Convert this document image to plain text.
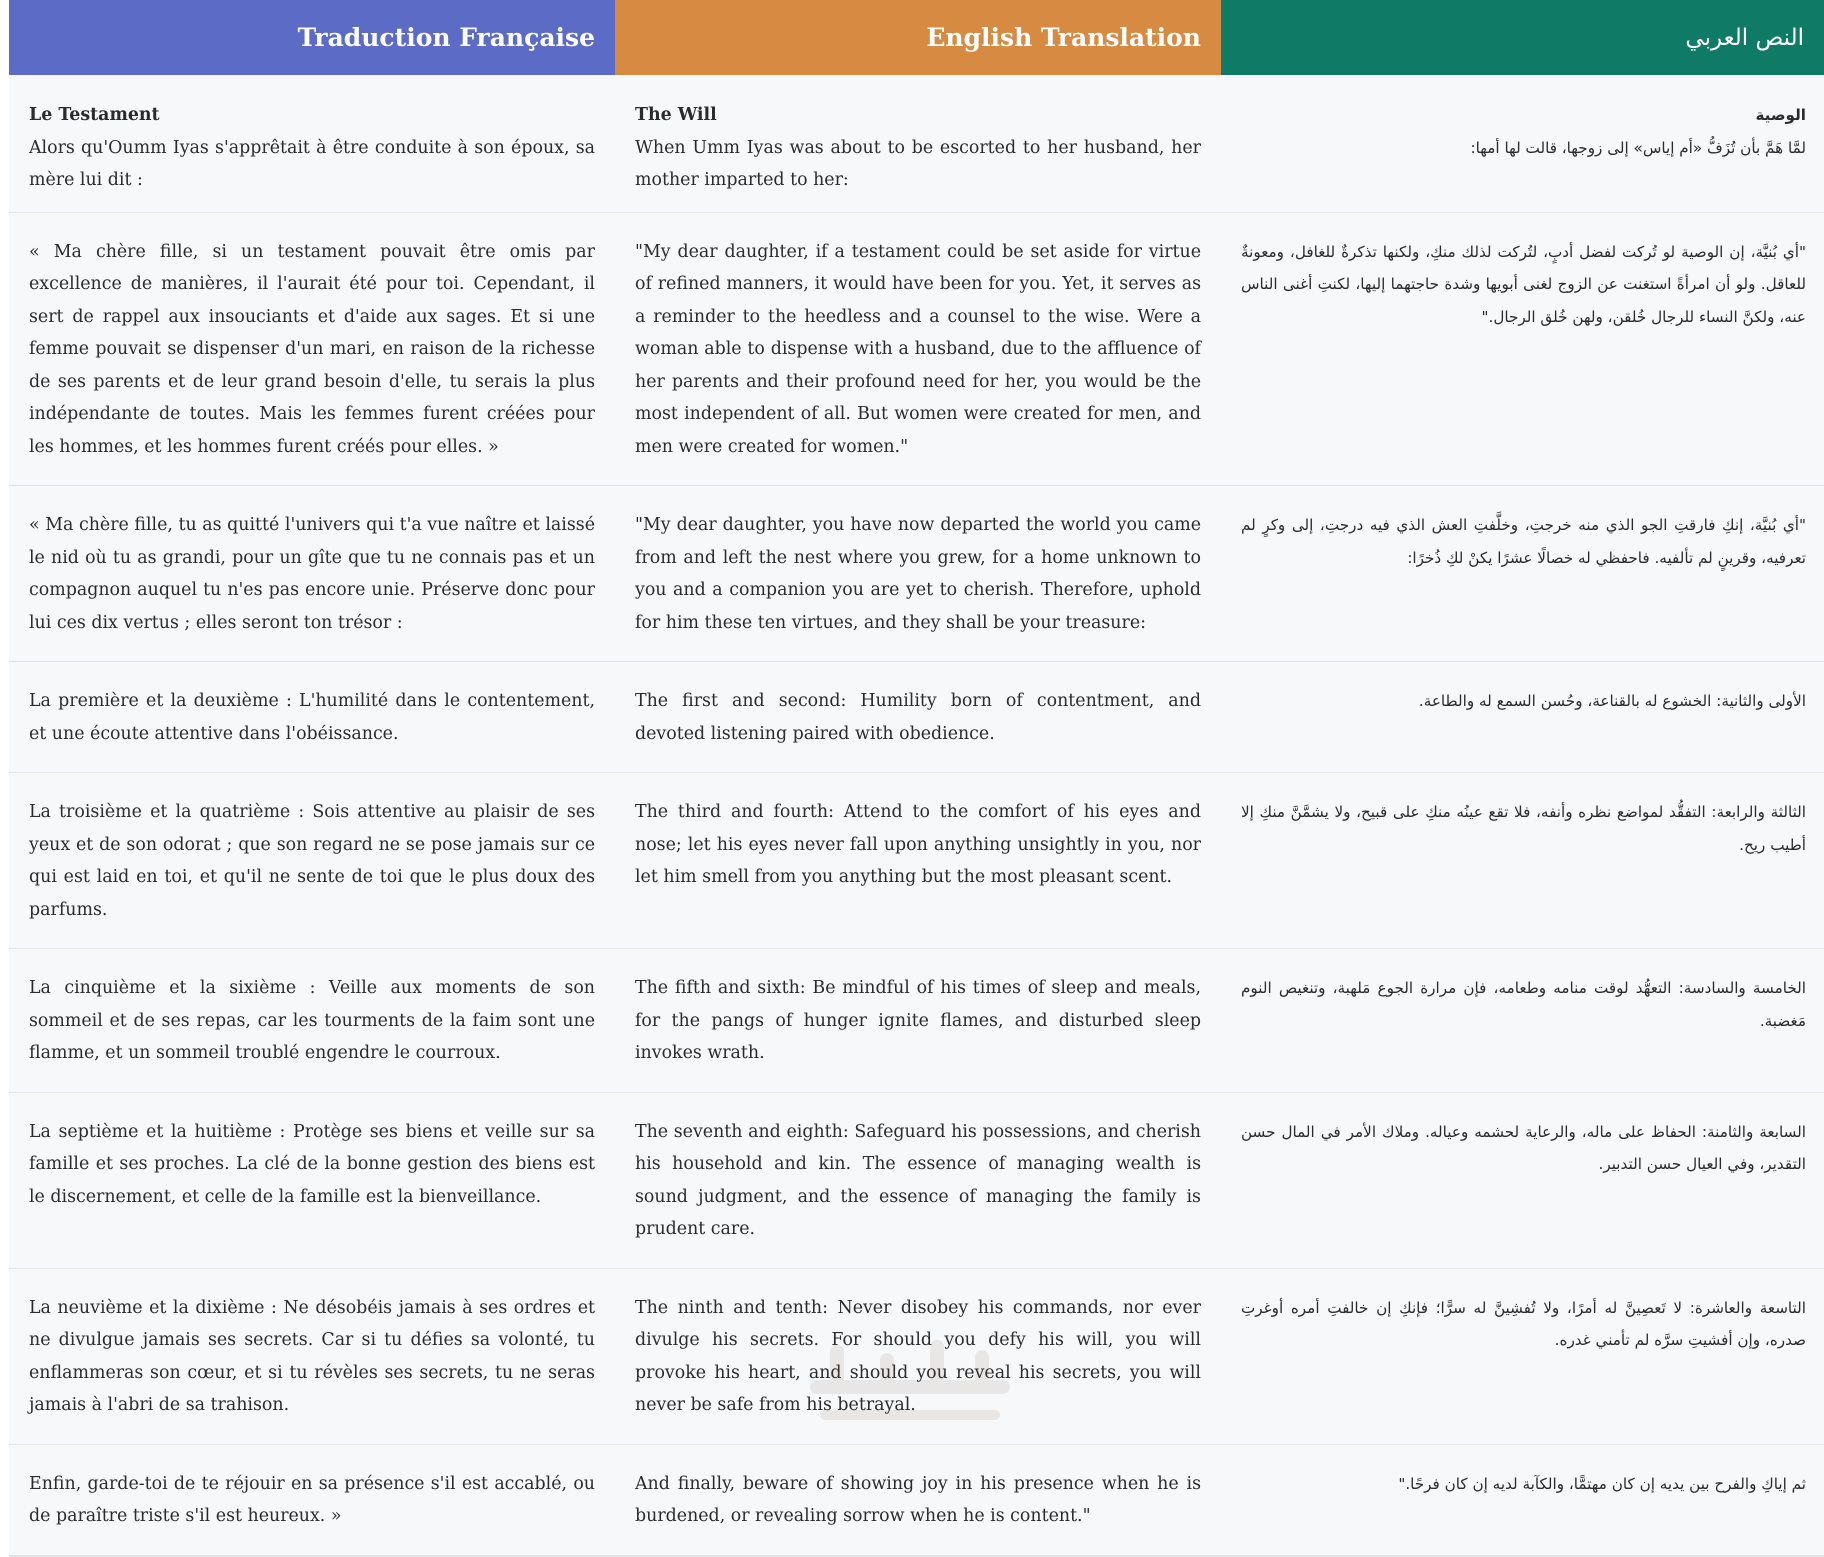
Traduction Française	English Translation	النص العربي
Le Testament
Alors qu'Oumm Iyas s'apprêtait à être conduite à son époux, sa mère lui dit :
The Will
When Umm Iyas was about to be escorted to her husband, her mother imparted to her:
الوصية
لمَّا هَمَّ بأن تُزَفُّ «أم إياس» إلى زوجها، قالت لها أمها:
« Ma chère fille, si un testament pouvait être omis par excellence de manières, il l'aurait été pour toi. Cependant, il sert de rappel aux insouciants et d'aide aux sages. Et si une femme pouvait se dispenser d'un mari, en raison de la richesse de ses parents et de leur grand besoin d'elle, tu serais la plus indépendante de toutes. Mais les femmes furent créées pour les hommes, et les hommes furent créés pour elles. »
"My dear daughter, if a testament could be set aside for virtue of refined manners, it would have been for you. Yet, it serves as a reminder to the heedless and a counsel to the wise. Were a woman able to dispense with a husband, due to the affluence of her parents and their profound need for her, you would be the most independent of all. But women were created for men, and men were created for women."
"أي بُنيَّة، إن الوصية لو تُركت لفضل أدبٍ، لتُركت لذلك منكِ، ولكنها تذكرةٌ للغافل، ومعونةٌ للعاقل. ولو أن امرأةً استغنت عن الزوج لغنى أبويها وشدة حاجتهما إليها، لكنتِ أغنى الناس عنه، ولكنَّ النساء للرجال خُلقن، ولهن خُلق الرجال."
« Ma chère fille, tu as quitté l'univers qui t'a vue naître et laissé le nid où tu as grandi, pour un gîte que tu ne connais pas et un compagnon auquel tu n'es pas encore unie. Préserve donc pour lui ces dix vertus ; elles seront ton trésor :
"My dear daughter, you have now departed the world you came from and left the nest where you grew, for a home unknown to you and a companion you are yet to cherish. Therefore, uphold for him these ten virtues, and they shall be your treasure:
"أي بُنيَّة، إنكِ فارقتِ الجو الذي منه خرجتِ، وخلَّفتِ العش الذي فيه درجتِ، إلى وكرٍ لم تعرفيه، وقرينٍ لم تألفيه. فاحفظي له خصالًا عشرًا يكنْ لكِ ذُخرًا:
La première et la deuxième : L'humilité dans le contentement, et une écoute attentive dans l'obéissance.
The first and second: Humility born of contentment, and devoted listening paired with obedience.
الأولى والثانية: الخشوع له بالقناعة، وحُسن السمع له والطاعة.
La troisième et la quatrième : Sois attentive au plaisir de ses yeux et de son odorat ; que son regard ne se pose jamais sur ce qui est laid en toi, et qu'il ne sente de toi que le plus doux des parfums.
The third and fourth: Attend to the comfort of his eyes and nose; let his eyes never fall upon anything unsightly in you, nor let him smell from you anything but the most pleasant scent.
الثالثة والرابعة: التفقُّد لمواضع نظره وأنفه، فلا تقع عينُه منكِ على قبيح، ولا يشمَّنَّ منكِ إلا أطيب ريح.
La cinquième et la sixième : Veille aux moments de son sommeil et de ses repas, car les tourments de la faim sont une flamme, et un sommeil troublé engendre le courroux.
The fifth and sixth: Be mindful of his times of sleep and meals, for the pangs of hunger ignite flames, and disturbed sleep invokes wrath.
الخامسة والسادسة: التعهُّد لوقت منامه وطعامه، فإن مرارة الجوع مَلهبة، وتنغيص النوم مَغضبة.
La septième et la huitième : Protège ses biens et veille sur sa famille et ses proches. La clé de la bonne gestion des biens est le discernement, et celle de la famille est la bienveillance.
The seventh and eighth: Safeguard his possessions, and cherish his household and kin. The essence of managing wealth is sound judgment, and the essence of managing the family is prudent care.
السابعة والثامنة: الحفاظ على ماله، والرعاية لحشمه وعياله. وملاك الأمر في المال حسن التقدير، وفي العيال حسن التدبير.
La neuvième et la dixième : Ne désobéis jamais à ses ordres et ne divulgue jamais ses secrets. Car si tu défies sa volonté, tu enflammeras son cœur, et si tu révèles ses secrets, tu ne seras jamais à l'abri de sa trahison.
The ninth and tenth: Never disobey his commands, nor ever divulge his secrets. For should you defy his will, you will provoke his heart, and should you reveal his secrets, you will never be safe from his betrayal.
التاسعة والعاشرة: لا تَعصِينَّ له أمرًا، ولا تُفشِينَّ له سرًّا؛ فإنكِ إن خالفتِ أمره أوغرتِ صدره، وإن أفشيتِ سرَّه لم تأمني غدره.
Enfin, garde-toi de te réjouir en sa présence s'il est accablé, ou de paraître triste s'il est heureux. »
And finally, beware of showing joy in his presence when he is burdened, or revealing sorrow when he is content."
ثم إياكِ والفرح بين يديه إن كان مهتمًّا، والكآبة لديه إن كان فرحًا."
